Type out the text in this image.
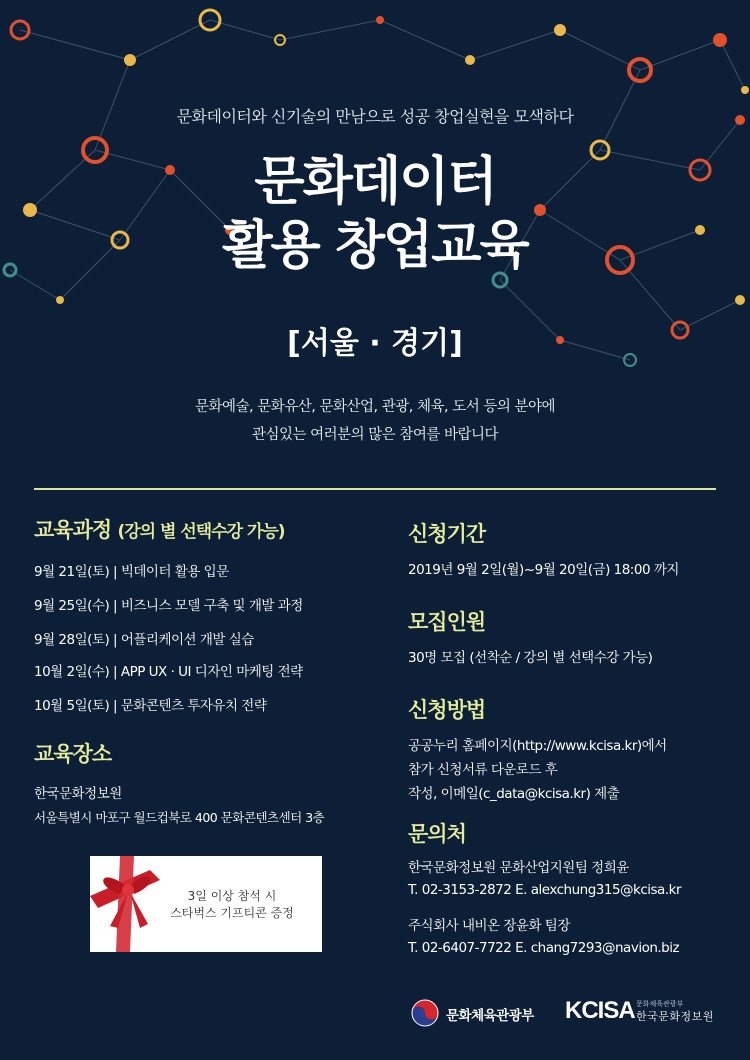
문화데이터와 신기술의 만남으로 성공 창업실현을 모색하다
문화데이터
활용 창업교육
[서울 · 경기]
문화예술, 문화유산, 문화산업, 관광, 체육, 도서 등의 분야에
관심있는 여러분의 많은 참여를 바랍니다
교육과정 (강의 별 선택수강 가능)
9월 21일(토) | 빅데이터 활용 입문
9월 25일(수) | 비즈니스 모델 구축 및 개발 과정
9월 28일(토) | 어플리케이션 개발 실습
10월 2일(수) | APP UX · UI 디자인 마케팅 전략
10월 5일(토) | 문화콘텐츠 투자유치 전략
교육장소
한국문화정보원
서울특별시 마포구 월드컵북로 400 문화콘텐츠센터 3층
3일 이상 참석 시
스타벅스 기프티콘 증정
신청기간
2019년 9월 2일(월)~9월 20일(금) 18:00 까지
모집인원
30명 모집 (선착순 / 강의 별 선택수강 가능)
신청방법
공공누리 홈페이지(http://www.kcisa.kr)에서
참가 신청서류 다운로드 후
작성, 이메일(c_data@kcisa.kr) 제출
문의처
한국문화정보원 문화산업지원팀 정희윤
T. 02-3153-2872 E. alexchung315@kcisa.kr
주식회사 내비온 장윤화 팀장
T. 02-6407-7722 E. chang7293@navion.biz
문화체육관광부 KCISA 문화체육관광부
한국문화정보원
